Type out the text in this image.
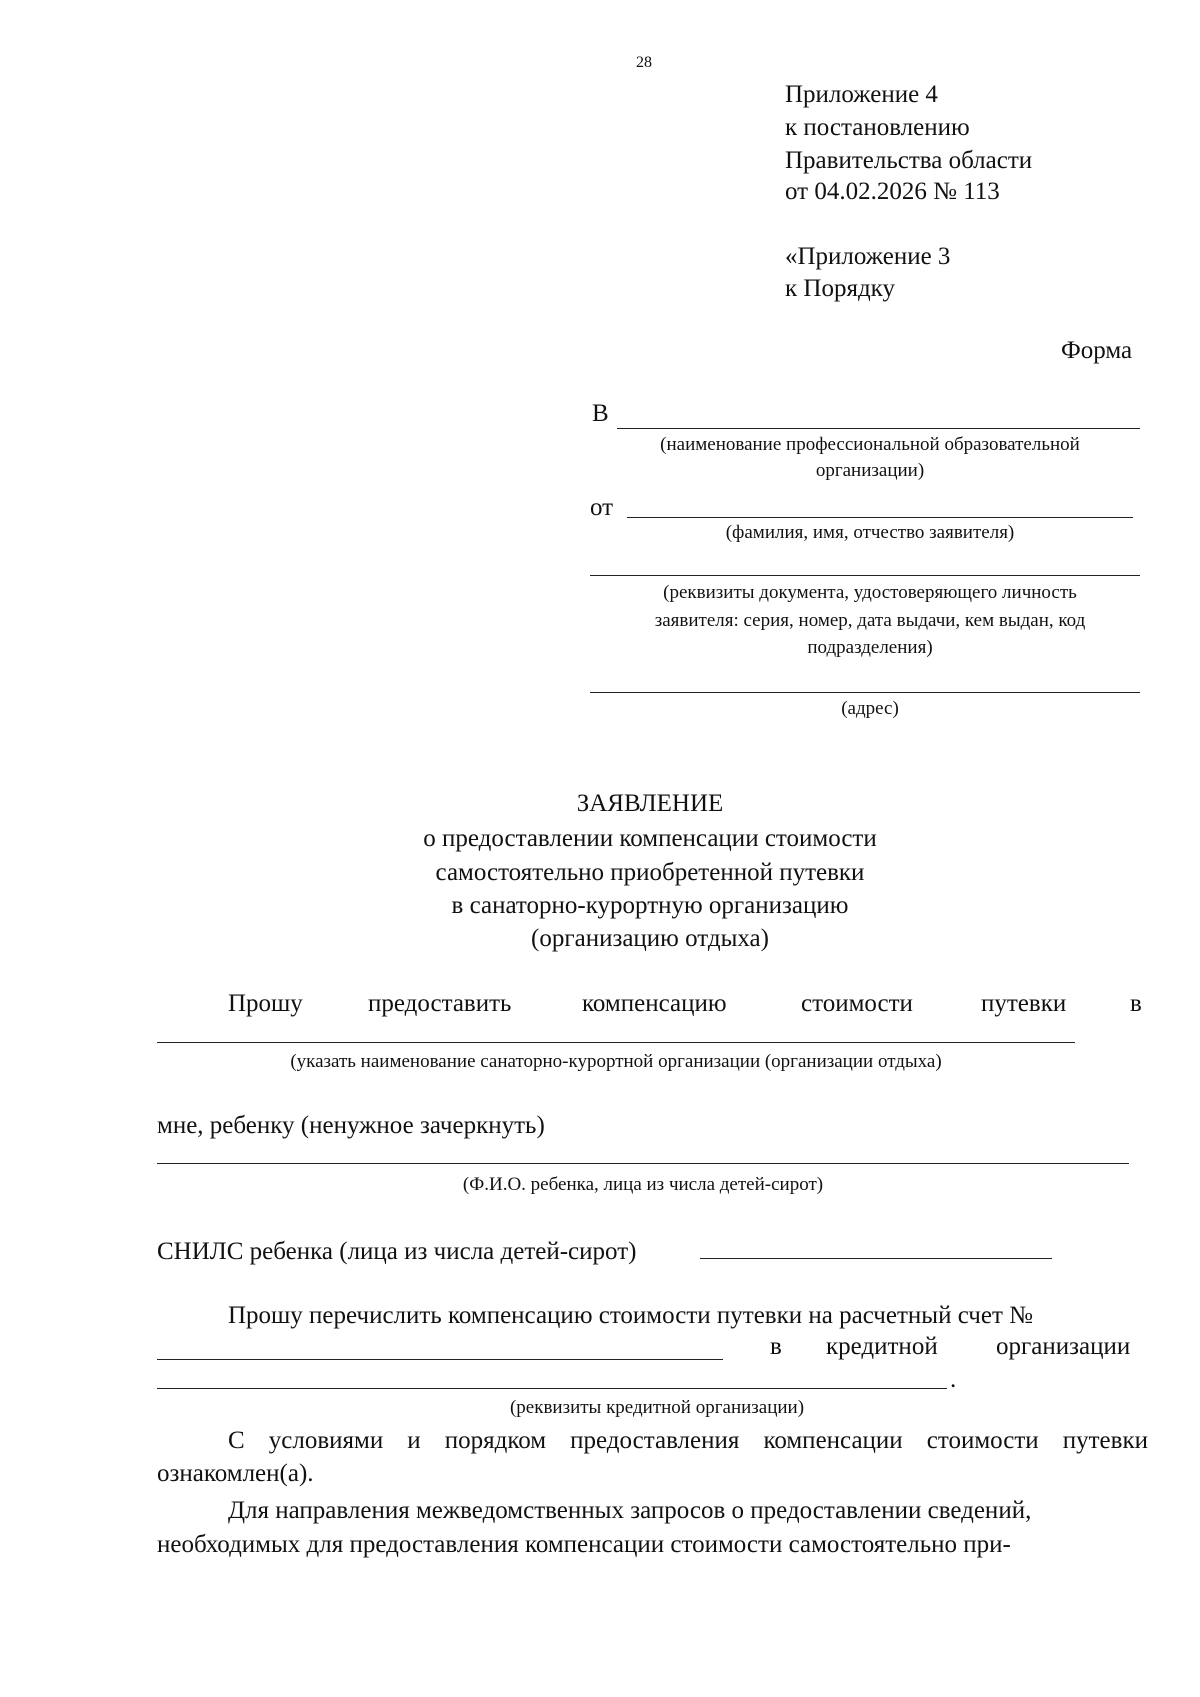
28
Приложение 4
к постановлению
Правительства области
от 04.02.2026 № 113
«Приложение 3
к Порядку
Форма
В
(наименование профессиональной образовательной
организации)
от
(фамилия, имя, отчество заявителя)
(реквизиты документа, удостоверяющего личность
заявителя: серия, номер, дата выдачи, кем выдан, код
подразделения)
(адрес)
ЗАЯВЛЕНИЕ
о предоставлении компенсации стоимости
самостоятельно приобретенной путевки
в санаторно-курортную организацию
(организацию отдыха)
Прошу	предоставить	компенсацию	стоимости	путевки	в
(указать наименование санаторно-курортной организации (организации отдыха)
мне, ребенку (ненужное зачеркнуть)
(Ф.И.О. ребенка, лица из числа детей-сирот)
СНИЛС ребенка (лица из числа детей-сирот)
Прошу перечислить компенсацию стоимости путевки на расчетный счет №
в кредитной организации
.
(реквизиты кредитной организации)
С условиями и порядком предоставления компенсации стоимости путевки
ознакомлен(а).
Для направления межведомственных запросов о предоставлении сведений,
необходимых для предоставления компенсации стоимости самостоятельно при-
